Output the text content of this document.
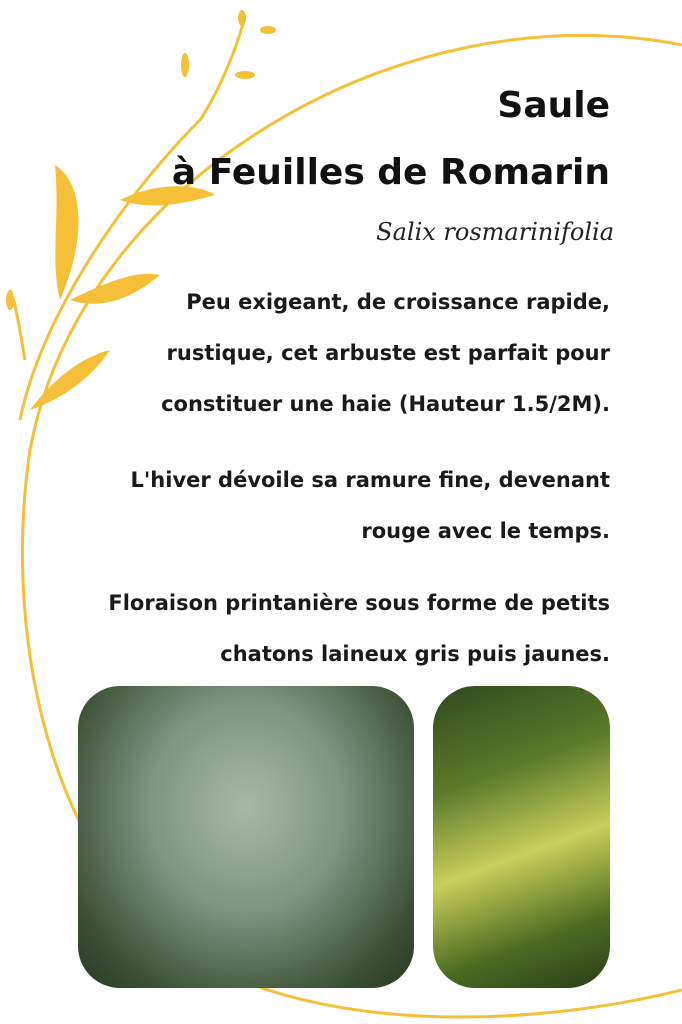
Saule
à Feuilles de Romarin
Salix rosmarinifolia
Peu exigeant, de croissance rapide,
rustique, cet arbuste est parfait pour
constituer une haie (Hauteur 1.5/2M).
L'hiver dévoile sa ramure fine, devenant
rouge avec le temps.
Floraison printanière sous forme de petits
chatons laineux gris puis jaunes.
